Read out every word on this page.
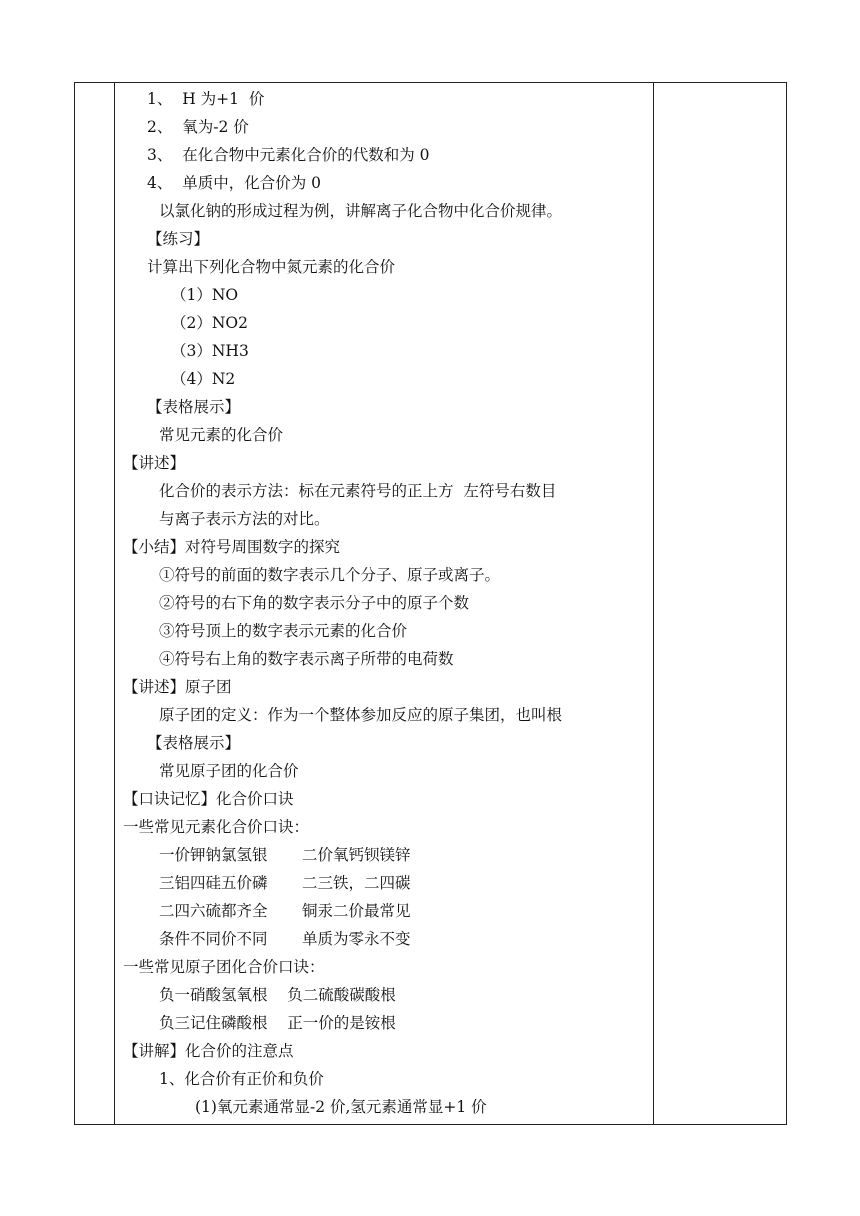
1、  H 为+1  价
2、  氧为-2 价
3、  在化合物中元素化合价的代数和为 0
4、  单质中，化合价为 0
以氯化钠的形成过程为例，讲解离子化合物中化合价规律。
【练习】
计算出下列化合物中氮元素的化合价
（1）NO
（2）NO2
（3）NH3
（4）N2
【表格展示】
常见元素的化合价
【讲述】
化合价的表示方法：标在元素符号的正上方  左符号右数目
与离子表示方法的对比。
【小结】对符号周围数字的探究
①符号的前面的数字表示几个分子、原子或离子。
②符号的右下角的数字表示分子中的原子个数
③符号顶上的数字表示元素的化合价
④符号右上角的数字表示离子所带的电荷数
【讲述】原子团
原子团的定义：作为一个整体参加反应的原子集团，也叫根
【表格展示】
常见原子团的化合价
【口诀记忆】化合价口诀
一些常见元素化合价口诀：
一价钾钠氯氢银       二价氧钙钡镁锌
三铝四硅五价磷       二三铁，二四碳
二四六硫都齐全       铜汞二价最常见
条件不同价不同       单质为零永不变
一些常见原子团化合价口诀：
负一硝酸氢氧根    负二硫酸碳酸根
负三记住磷酸根    正一价的是铵根
【讲解】化合价的注意点
1、化合价有正价和负价
(1)氧元素通常显-2 价,氢元素通常显+1 价
